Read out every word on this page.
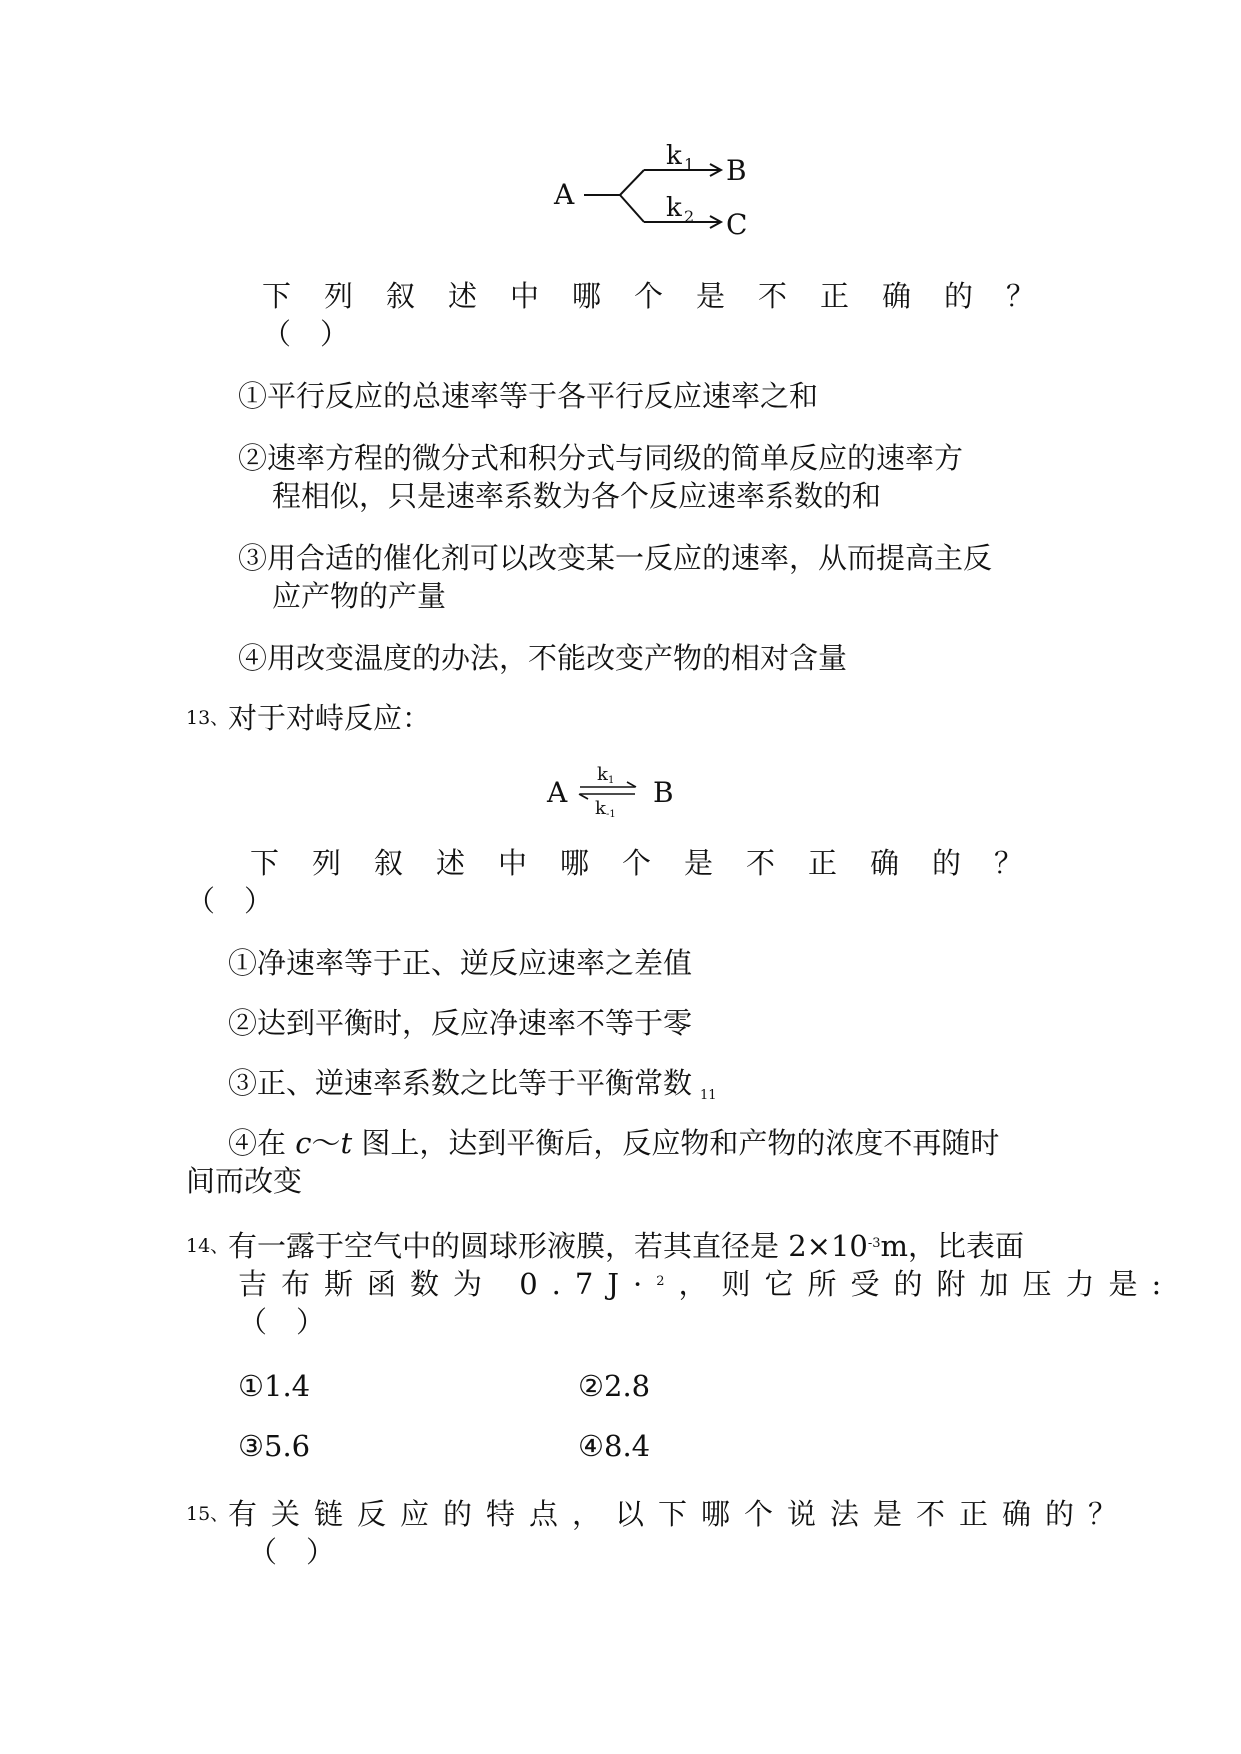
A
k 1
k 2
B
C
下列叙述中哪个是不正确的？
（　）
①平行反应的总速率等于各平行反应速率之和
②速率方程的微分式和积分式与同级的简单反应的速率方
程相似，只是速率系数为各个反应速率系数的和
③用合适的催化剂可以改变某一反应的速率，从而提高主反
应产物的产量
④用改变温度的办法，不能改变产物的相对含量
13、
对于对峙反应：
A
k 1
k -1
B
下列叙述中哪个是不正确的？
（　）
①净速率等于正、逆反应速率之差值
②达到平衡时，反应净速率不等于零
③正、逆速率系数之比等于平衡常数 $_{11}$
④在 c～t 图上，达到平衡后，反应物和产物的浓度不再随时
间而改变
14、
有一露于空气中的圆球形液膜，若其直径是 $2\times 10^{-3}m$，比表面
吉布斯函数为 0.7J·$^2$，则它所受的附加压力是:
（　）
①1.4	②2.8
③5.6	④8.4
15、
有关链反应的特点，以下哪个说法是不正确的？
（　）
